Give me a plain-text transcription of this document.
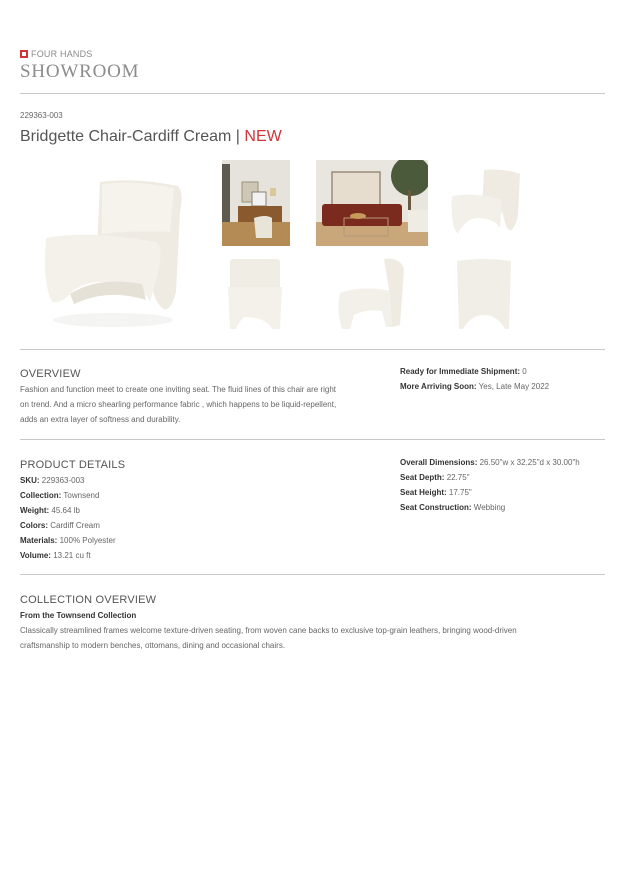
FOUR HANDS
SHOWROOM
229363-003
Bridgette Chair-Cardiff Cream | NEW
OVERVIEW
Fashion and function meet to create one inviting seat. The fluid lines of this chair are right
on trend. And a micro shearling performance fabric , which happens to be liquid-repellent,
adds an extra layer of softness and durability.
Ready for Immediate Shipment: 0
More Arriving Soon: Yes, Late May 2022
PRODUCT DETAILS
SKU: 229363-003
Collection: Townsend
Weight: 45.64 lb
Colors: Cardiff Cream
Materials: 100% Polyester
Volume: 13.21 cu ft
Overall Dimensions: 26.50"w x 32.25"d x 30.00"h
Seat Depth: 22.75"
Seat Height: 17.75"
Seat Construction: Webbing
COLLECTION OVERVIEW
From the Townsend Collection
Classically streamlined frames welcome texture-driven seating, from woven cane backs to exclusive top-grain leathers, bringing wood-driven
craftsmanship to modern benches, ottomans, dining and occasional chairs.
